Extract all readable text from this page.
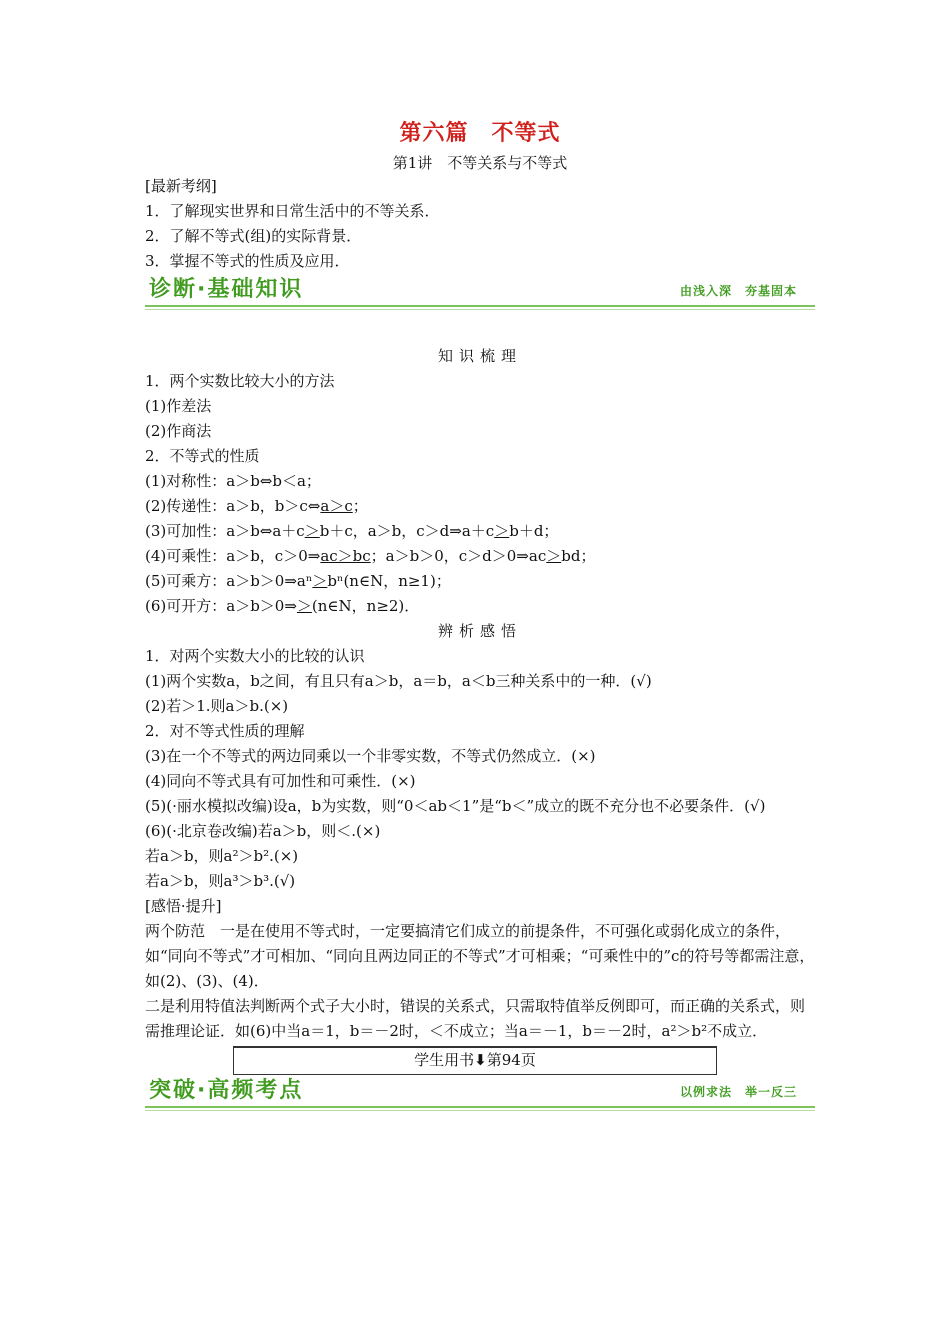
第六篇　不等式
第1讲　不等关系与不等式
[最新考纲]
1．了解现实世界和日常生活中的不等关系．
2．了解不等式(组)的实际背景．
3．掌握不等式的性质及应用．
诊断·基础知识	由浅入深　夯基固本
知识梳理
1．两个实数比较大小的方法
(1)作差法
(2)作商法
2．不等式的性质
(1)对称性：a＞b⇔b＜a；
(2)传递性：a＞b，b＞c⇔a＞c；
(3)可加性：a＞b⇔a＋c＞b＋c，a＞b，c＞d⇒a＋c＞b＋d；
(4)可乘性：a＞b，c＞0⇒ac＞bc；a＞b＞0，c＞d＞0⇒ac＞bd；
(5)可乘方：a＞b＞0⇒aⁿ＞bⁿ(n∈N，n≥1)；
(6)可开方：a＞b＞0⇒＞(n∈N，n≥2)．
辨析感悟
1．对两个实数大小的比较的认识
(1)两个实数a，b之间，有且只有a＞b，a＝b，a＜b三种关系中的一种．(√)
(2)若＞1.则a＞b.(×)
2．对不等式性质的理解
(3)在一个不等式的两边同乘以一个非零实数，不等式仍然成立．(×)
(4)同向不等式具有可加性和可乘性．(×)
(5)(·丽水模拟改编)设a，b为实数，则“0＜ab＜1”是“b＜”成立的既不充分也不必要条件．(√)
(6)(·北京卷改编)若a＞b，则＜.(×)
若a＞b，则a²＞b².(×)
若a＞b，则a³＞b³.(√)
[感悟·提升]
两个防范　一是在使用不等式时，一定要搞清它们成立的前提条件，不可强化或弱化成立的条件，如“同向不等式”才可相加、“同向且两边同正的不等式”才可相乘；“可乘性中的”c的符号等都需注意，如(2)、(3)、(4)．
二是利用特值法判断两个式子大小时，错误的关系式，只需取特值举反例即可，而正确的关系式，则需推理论证．如(6)中当a＝1，b＝－2时，＜不成立；当a＝－1，b＝－2时，a²＞b²不成立．
学生用书⬇第94页
突破·高频考点	以例求法　举一反三
